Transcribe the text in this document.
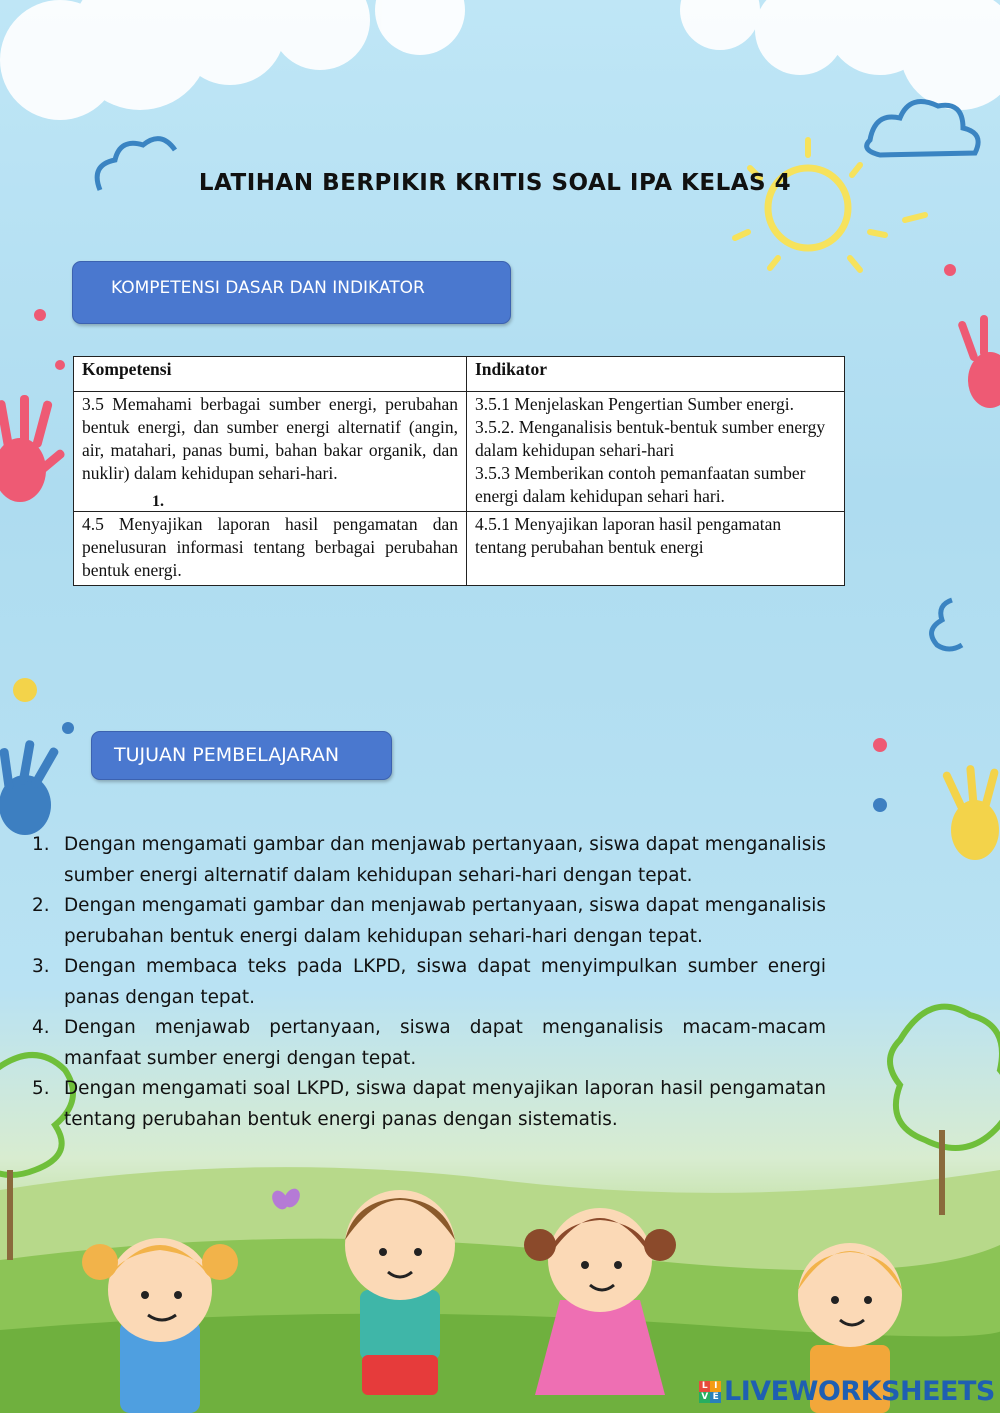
LATIHAN BERPIKIR KRITIS SOAL IPA KELAS 4
KOMPETENSI DASAR DAN INDIKATOR
Kompetensi	Indikator
3.5 Memahami berbagai sumber energi, perubahan bentuk energi, dan sumber energi alternatif (angin, air, matahari, panas bumi, bahan bakar organik, dan nuklir) dalam kehidupan sehari-hari.	3.5.1 Menjelaskan Pengertian Sumber energi.
3.5.2. Menganalisis bentuk-bentuk sumber energy dalam kehidupan sehari-hari
3.5.3 Memberikan contoh pemanfaatan sumber energi dalam kehidupan sehari hari.

4.5 Menyajikan laporan hasil pengamatan dan penelusuran informasi tentang berbagai perubahan bentuk energi.	4.5.1 Menyajikan laporan hasil pengamatan tentang perubahan bentuk energi
1.
TUJUAN PEMBELAJARAN
1. Dengan mengamati gambar dan menjawab pertanyaan, siswa dapat menganalisis sumber energi alternatif dalam kehidupan sehari-hari dengan tepat.
2. Dengan mengamati gambar dan menjawab pertanyaan, siswa dapat menganalisis perubahan bentuk energi dalam kehidupan sehari-hari dengan tepat.
3. Dengan membaca teks pada LKPD, siswa dapat menyimpulkan sumber energi panas dengan tepat.
4. Dengan menjawab pertanyaan, siswa dapat menganalisis macam-macam manfaat sumber energi dengan tepat.
5. Dengan mengamati soal LKPD, siswa dapat menyajikan laporan hasil pengamatan tentang perubahan bentuk energi panas dengan sistematis.
L I
V E LIVEWORKSHEETS
